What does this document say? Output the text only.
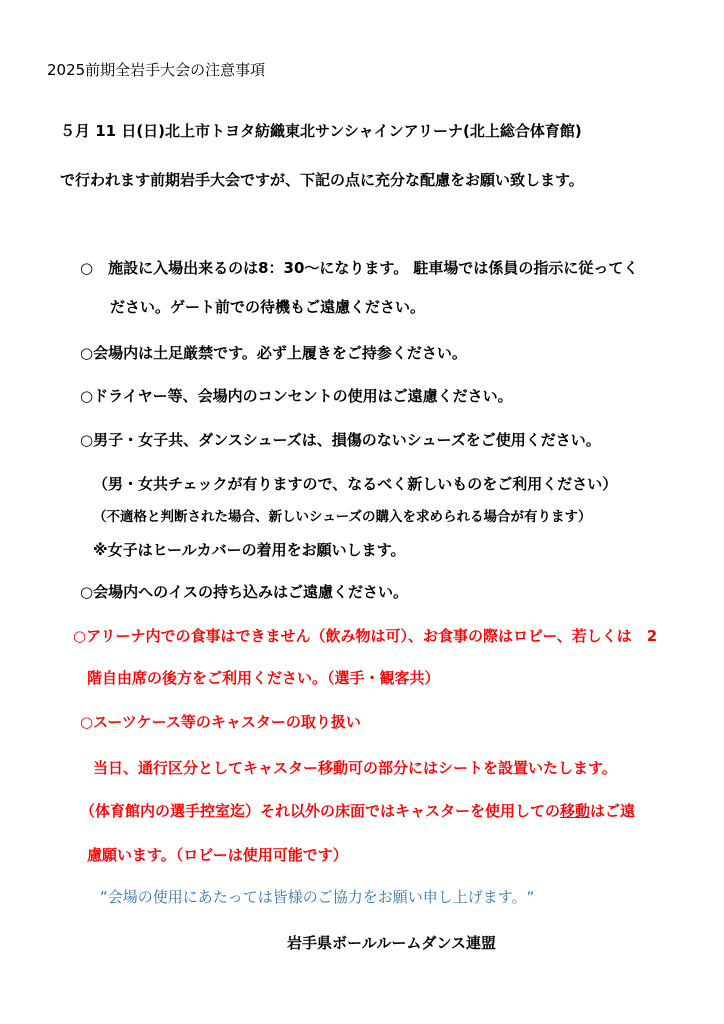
2025前期全岩手大会の注意事項
５月 11 日(日)北上市トヨタ紡織東北サンシャインアリーナ(北上総合体育館)
で行われます前期岩手大会ですが、下記の点に充分な配慮をお願い致します。
○　施設に入場出来るのは8：30～になります。 駐車場では係員の指示に従ってく
ださい。ゲート前での待機もご遠慮ください。
○会場内は土足厳禁です。必ず上履きをご持参ください。
○ドライヤー等、会場内のコンセントの使用はご遠慮ください。
○男子・女子共、ダンスシューズは、損傷のないシューズをご使用ください。
（男・女共チェックが有りますので、なるべく新しいものをご利用ください）
（不適格と判断された場合、新しいシューズの購入を求められる場合が有ります）
※女子はヒールカバーの着用をお願いします。
○会場内へのイスの持ち込みはご遠慮ください。
○アリーナ内での食事はできません（飲み物は可）、お食事の際はロビー、若しくは　2
階自由席の後方をご利用ください。（選手・観客共）
○スーツケース等のキャスターの取り扱い
当日、通行区分としてキャスター移動可の部分にはシートを設置いたします。
（体育館内の選手控室迄）それ以外の床面ではキャスターを使用しての移動はご遠
慮願います。（ロビーは使用可能です）
“会場の使用にあたっては皆様のご協力をお願い申し上げます。“
岩手県ボールルームダンス連盟
